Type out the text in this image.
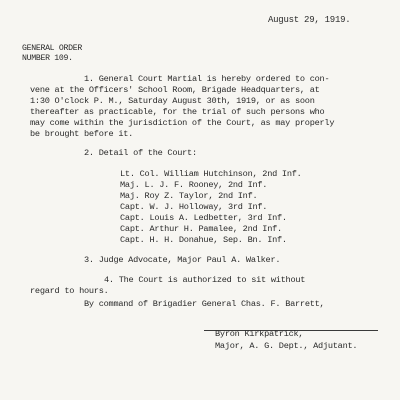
August 29, 1919.
GENERAL ORDER
NUMBER 109.
1. General Court Martial is hereby ordered to con-
vene at the Officers' School Room, Brigade Headquarters, at
1:30 O'clock P. M., Saturday August 30th, 1919, or as soon
thereafter as practicable, for the trial of such persons who
may come within the jurisdiction of the Court, as may properly
be brought before it.
2. Detail of the Court:
Lt. Col. William Hutchinson, 2nd Inf.
Maj. L. J. F. Rooney, 2nd Inf.
Maj. Roy Z. Taylor, 2nd Inf.
Capt. W. J. Holloway, 3rd Inf.
Capt. Louis A. Ledbetter, 3rd Inf.
Capt. Arthur H. Pamalee, 2nd Inf.
Capt. H. H. Donahue, Sep. Bn. Inf.
3. Judge Advocate, Major Paul A. Walker.
4. The Court is authorized to sit without
regard to hours.
By command of Brigadier General Chas. F. Barrett,
Byron Kirkpatrick,
Major, A. G. Dept., Adjutant.
